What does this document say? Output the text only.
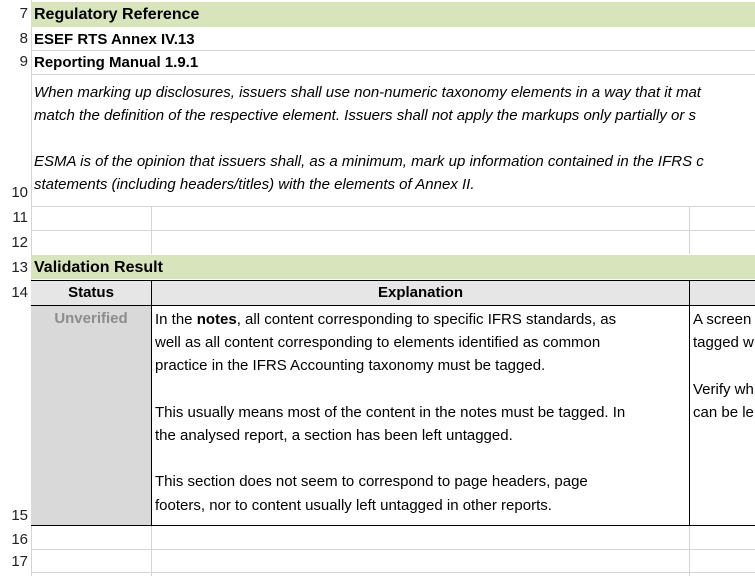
7
8
9
10
11
12
13
14
15
16
17
Regulatory Reference
ESEF RTS Annex IV.13
Reporting Manual 1.9.1
When marking up disclosures, issuers shall use non-numeric taxonomy elements in a way that it mat
match the definition of the respective element. Issuers shall not apply the markups only partially or s
ESMA is of the opinion that issuers shall, as a minimum, mark up information contained in the IFRS c
statements (including headers/titles) with the elements of Annex II.
Validation Result
Status	Explanation
Unverified	In the notes, all content corresponding to specific IFRS standards, as
well as all content corresponding to elements identified as common
practice in the IFRS Accounting taxonomy must be tagged.
This usually means most of the content in the notes must be tagged. In
the analysed report, a section has been left untagged.
This section does not seem to correspond to page headers, page
footers, nor to content usually left untagged in other reports.
A screen
tagged w
Verify wh
can be le
